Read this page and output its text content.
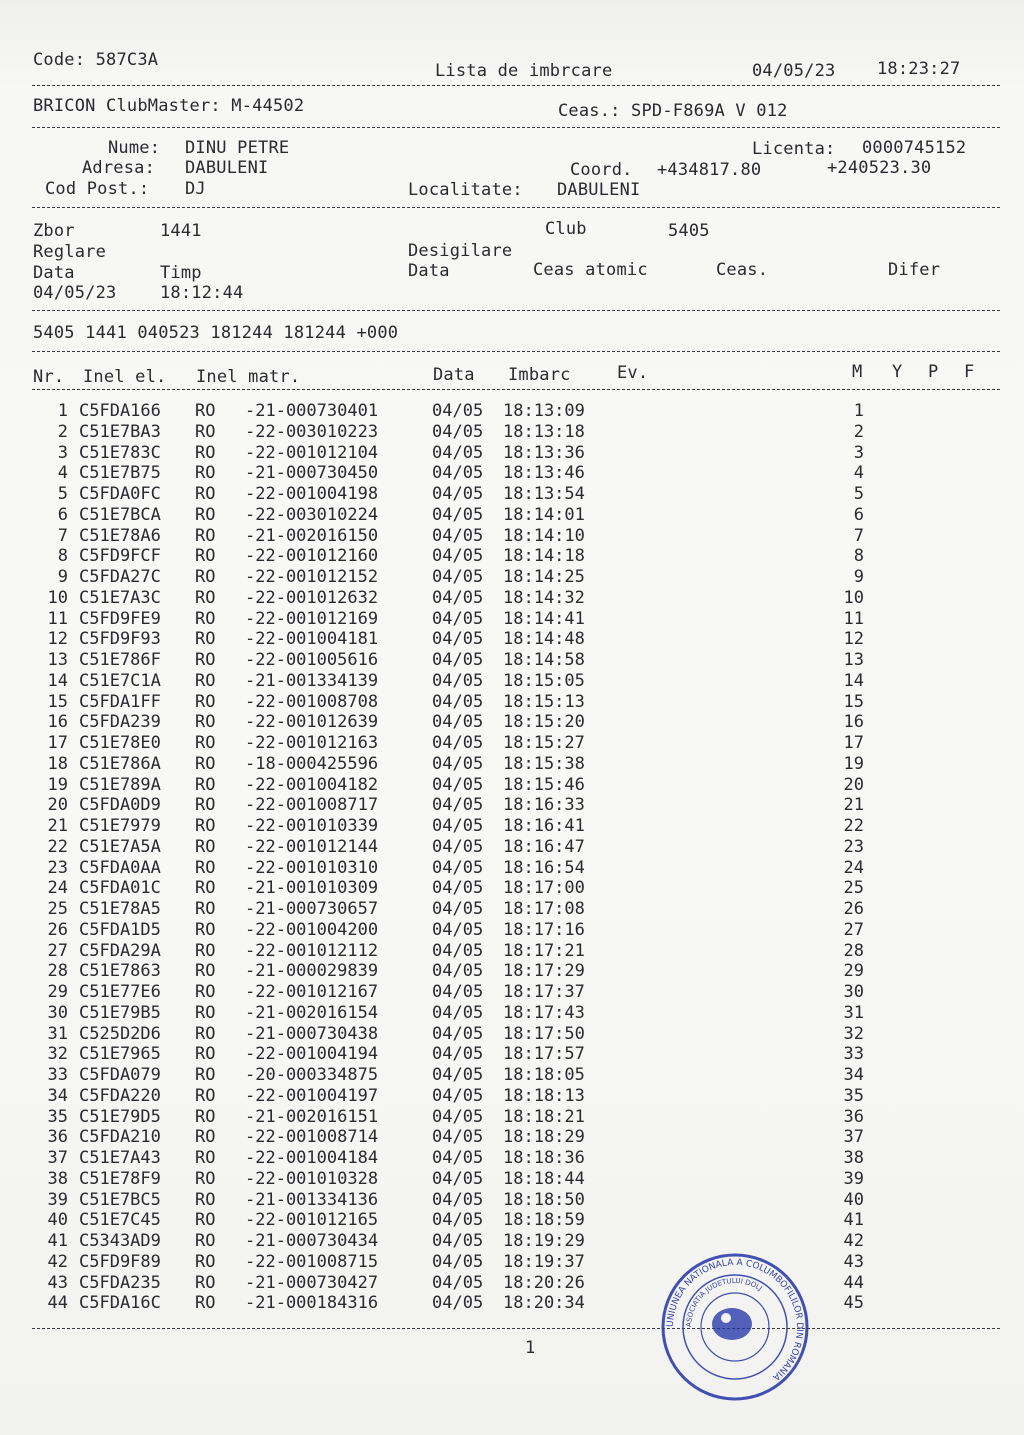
Code: 587C3A
Lista de imbrcare	04/05/23 18:23:27
BRICON ClubMaster: M-44502	Ceas.: SPD-F869A V 012
Nume: DINU PETRE
Adresa: DABULENI
Cod Post.: DJ
Licenta: 0000745152
Coord. +434817.80	+240523.30
Localitate: DABULENI
Zbor	1441	Club	5405
Reglare	Desigilare
Data	Timp	Data	Ceas atomic	Ceas.	Difer
04/05/23	18:12:44
5405 1441 040523 181244 181244 +000
Nr. Inel el. Inel matr.	Data Imbarc	Ev.	M Y P F
1 C5FDA166 RO -21-000730401	04/05 18:13:09	1
2 C51E7BA3 RO -22-003010223	04/05 18:13:18	2
3 C51E783C RO -22-001012104	04/05 18:13:36	3
4 C51E7B75 RO -21-000730450	04/05 18:13:46	4
5 C5FDA0FC RO -22-001004198	04/05 18:13:54	5
6 C51E7BCA RO -22-003010224	04/05 18:14:01	6
7 C51E78A6 RO -21-002016150	04/05 18:14:10	7
8 C5FD9FCF RO -22-001012160	04/05 18:14:18	8
9 C5FDA27C RO -22-001012152	04/05 18:14:25	9
10 C51E7A3C RO -22-001012632	04/05 18:14:32	10
11 C5FD9FE9 RO -22-001012169	04/05 18:14:41	11
12 C5FD9F93 RO -22-001004181	04/05 18:14:48	12
13 C51E786F RO -22-001005616	04/05 18:14:58	13
14 C51E7C1A RO -21-001334139	04/05 18:15:05	14
15 C5FDA1FF RO -22-001008708	04/05 18:15:13	15
16 C5FDA239 RO -22-001012639	04/05 18:15:20	16
17 C51E78E0 RO -22-001012163	04/05 18:15:27	17
18 C51E786A RO -18-000425596	04/05 18:15:38	19
19 C51E789A RO -22-001004182	04/05 18:15:46	20
20 C5FDA0D9 RO -22-001008717	04/05 18:16:33	21
21 C51E7979 RO -22-001010339	04/05 18:16:41	22
22 C51E7A5A RO -22-001012144	04/05 18:16:47	23
23 C5FDA0AA RO -22-001010310	04/05 18:16:54	24
24 C5FDA01C RO -21-001010309	04/05 18:17:00	25
25 C51E78A5 RO -21-000730657	04/05 18:17:08	26
26 C5FDA1D5 RO -22-001004200	04/05 18:17:16	27
27 C5FDA29A RO -22-001012112	04/05 18:17:21	28
28 C51E7863 RO -21-000029839	04/05 18:17:29	29
29 C51E77E6 RO -22-001012167	04/05 18:17:37	30
30 C51E79B5 RO -21-002016154	04/05 18:17:43	31
31 C525D2D6 RO -21-000730438	04/05 18:17:50	32
32 C51E7965 RO -22-001004194	04/05 18:17:57	33
33 C5FDA079 RO -20-000334875	04/05 18:18:05	34
34 C5FDA220 RO -22-001004197	04/05 18:18:13	35
35 C51E79D5 RO -21-002016151	04/05 18:18:21	36
36 C5FDA210 RO -22-001008714	04/05 18:18:29	37
37 C51E7A43 RO -22-001004184	04/05 18:18:36	38
38 C51E78F9 RO -22-001010328	04/05 18:18:44	39
39 C51E7BC5 RO -21-001334136	04/05 18:18:50	40
40 C51E7C45 RO -22-001012165	04/05 18:18:59	41
41 C5343AD9 RO -21-000730434	04/05 18:19:29	42
42 C5FD9F89 RO -22-001008715	04/05 18:19:37	43
43 C5FDA235 RO -21-000730427	04/05 18:20:26	44
44 C5FDA16C RO -21-000184316	04/05 18:20:34	45
1
UNIUNEA NATIONALA A COLUMBOFILILOR DIN ROMANIA
ASOCIATIA JUDETULUI DOLJ
